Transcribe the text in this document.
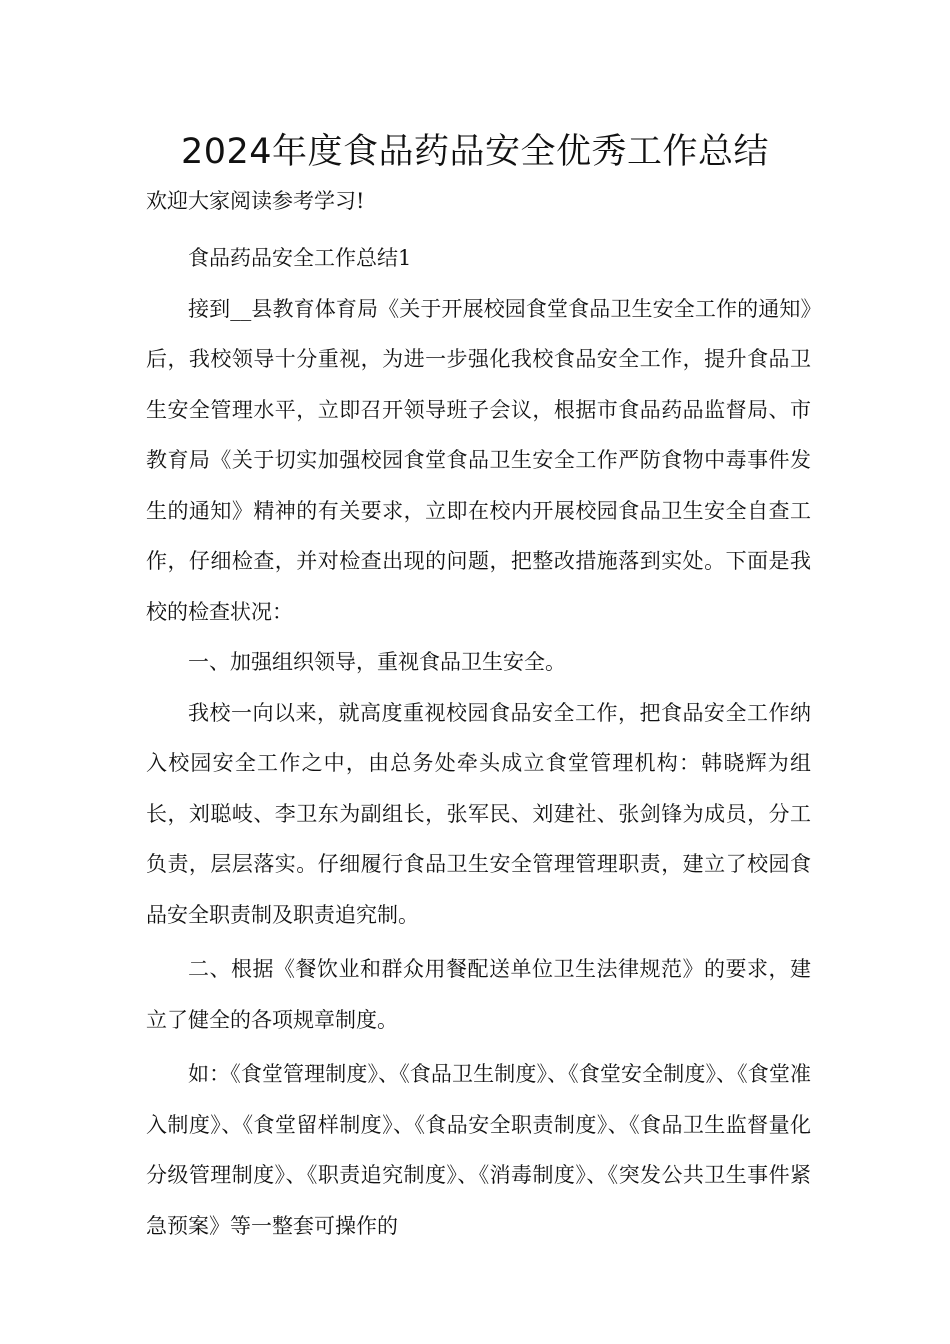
2024年度食品药品安全优秀工作总结

欢迎大家阅读参考学习!

食品药品安全工作总结1

接到__县教育体育局《关于开展校园食堂食品卫生安全工作的通知》后，我校领导十分重视，为进一步强化我校食品安全工作，提升食品卫生安全管理水平，立即召开领导班子会议，根据市食品药品监督局、市教育局《关于切实加强校园食堂食品卫生安全工作严防食物中毒事件发生的通知》精神的有关要求，立即在校内开展校园食品卫生安全自查工作，仔细检查，并对检查出现的问题，把整改措施落到实处。下面是我校的检查状况：

一、加强组织领导，重视食品卫生安全。

我校一向以来，就高度重视校园食品安全工作，把食品安全工作纳入校园安全工作之中，由总务处牵头成立食堂管理机构：韩晓辉为组长，刘聪岐、李卫东为副组长，张军民、刘建社、张剑锋为成员，分工负责，层层落实。仔细履行食品卫生安全管理管理职责，建立了校园食品安全职责制及职责追究制。

二、根据《餐饮业和群众用餐配送单位卫生法律规范》的要求，建立了健全的各项规章制度。

如：《食堂管理制度》、《食品卫生制度》、《食堂安全制度》、《食堂准入制度》、《食堂留样制度》、《食品安全职责制度》、《食品卫生监督量化分级管理制度》、《职责追究制度》、《消毒制度》、《突发公共卫生事件紧急预案》等一整套可操作的
